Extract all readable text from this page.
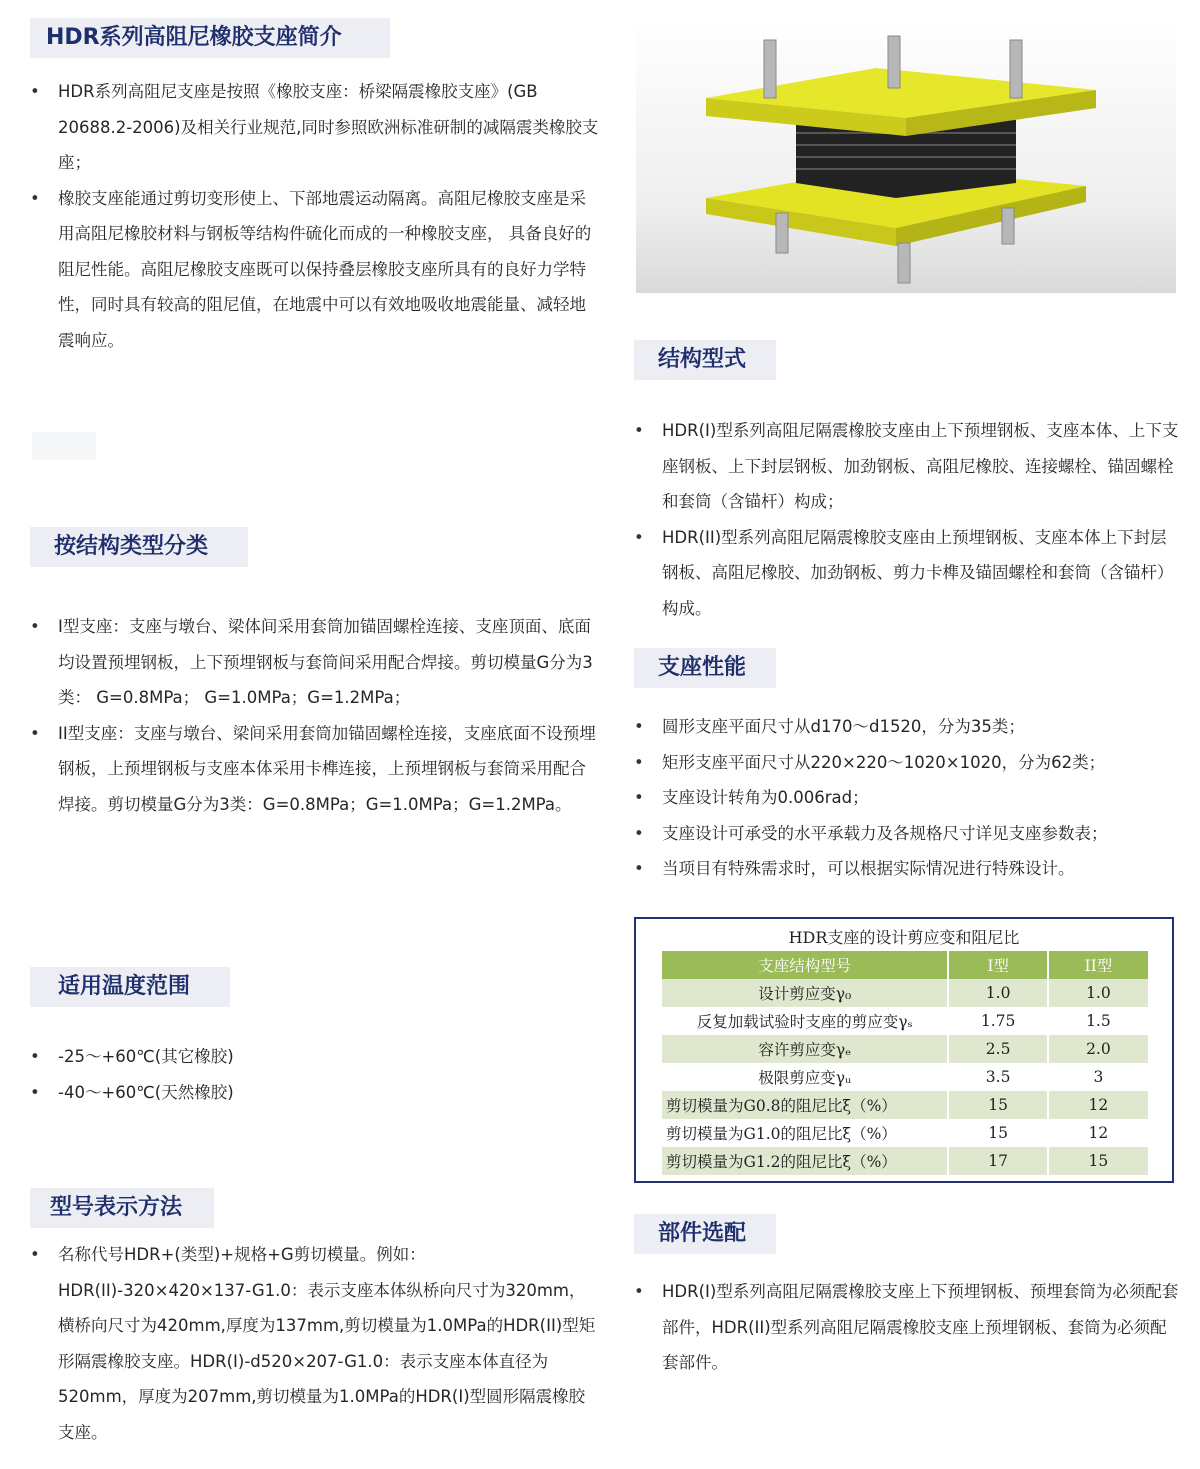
HDR系列高阻尼橡胶支座简介
• HDR系列高阻尼支座是按照《橡胶支座：桥梁隔震橡胶支座》(GB 20688.2-2006)及相关行业规范,同时参照欧洲标准研制的减隔震类橡胶支座；
• 橡胶支座能通过剪切变形使上、下部地震运动隔离。高阻尼橡胶支座是采用高阻尼橡胶材料与钢板等结构件硫化而成的一种橡胶支座， 具备良好的阻尼性能。高阻尼橡胶支座既可以保持叠层橡胶支座所具有的良好力学特性，同时具有较高的阻尼值，在地震中可以有效地吸收地震能量、减轻地震响应。
按结构类型分类
• I型支座：支座与墩台、梁体间采用套筒加锚固螺栓连接、支座顶面、底面均设置预埋钢板，上下预埋钢板与套筒间采用配合焊接。剪切模量G分为3类： G=0.8MPa； G=1.0MPa；G=1.2MPa；
• II型支座：支座与墩台、梁间采用套筒加锚固螺栓连接，支座底面不设预埋钢板，上预埋钢板与支座本体采用卡榫连接，上预埋钢板与套筒采用配合焊接。剪切模量G分为3类：G=0.8MPa；G=1.0MPa；G=1.2MPa。
适用温度范围
• -25～+60℃(其它橡胶)
• -40～+60℃(天然橡胶)
型号表示方法
• 名称代号HDR+(类型)+规格+G剪切模量。例如：HDR(II)-320×420×137-G1.0：表示支座本体纵桥向尺寸为320mm，横桥向尺寸为420mm,厚度为137mm,剪切模量为1.0MPa的HDR(II)型矩形隔震橡胶支座。HDR(I)-d520×207-G1.0：表示支座本体直径为520mm，厚度为207mm,剪切模量为1.0MPa的HDR(I)型圆形隔震橡胶支座。
结构型式
• HDR(I)型系列高阻尼隔震橡胶支座由上下预埋钢板、支座本体、上下支座钢板、上下封层钢板、加劲钢板、高阻尼橡胶、连接螺栓、锚固螺栓和套筒（含锚杆）构成；
• HDR(II)型系列高阻尼隔震橡胶支座由上预埋钢板、支座本体上下封层钢板、高阻尼橡胶、加劲钢板、剪力卡榫及锚固螺栓和套筒（含锚杆）构成。
支座性能
• 圆形支座平面尺寸从d170～d1520，分为35类；
• 矩形支座平面尺寸从220×220～1020×1020，分为62类；
• 支座设计转角为0.006rad；
• 支座设计可承受的水平承载力及各规格尺寸详见支座参数表；
• 当项目有特殊需求时，可以根据实际情况进行特殊设计。
HDR支座的设计剪应变和阻尼比
支座结构型号	I型	II型
设计剪应变γ₀	1.0	1.0
反复加载试验时支座的剪应变γₛ	1.75	1.5
容许剪应变γₑ	2.5	2.0
极限剪应变γᵤ	3.5	3
剪切模量为G0.8的阻尼比ξ（%）	15	12
剪切模量为G1.0的阻尼比ξ（%）	15	12
剪切模量为G1.2的阻尼比ξ（%）	17	15
部件选配
• HDR(I)型系列高阻尼隔震橡胶支座上下预埋钢板、预埋套筒为必须配套部件，HDR(II)型系列高阻尼隔震橡胶支座上预埋钢板、套筒为必须配套部件。
